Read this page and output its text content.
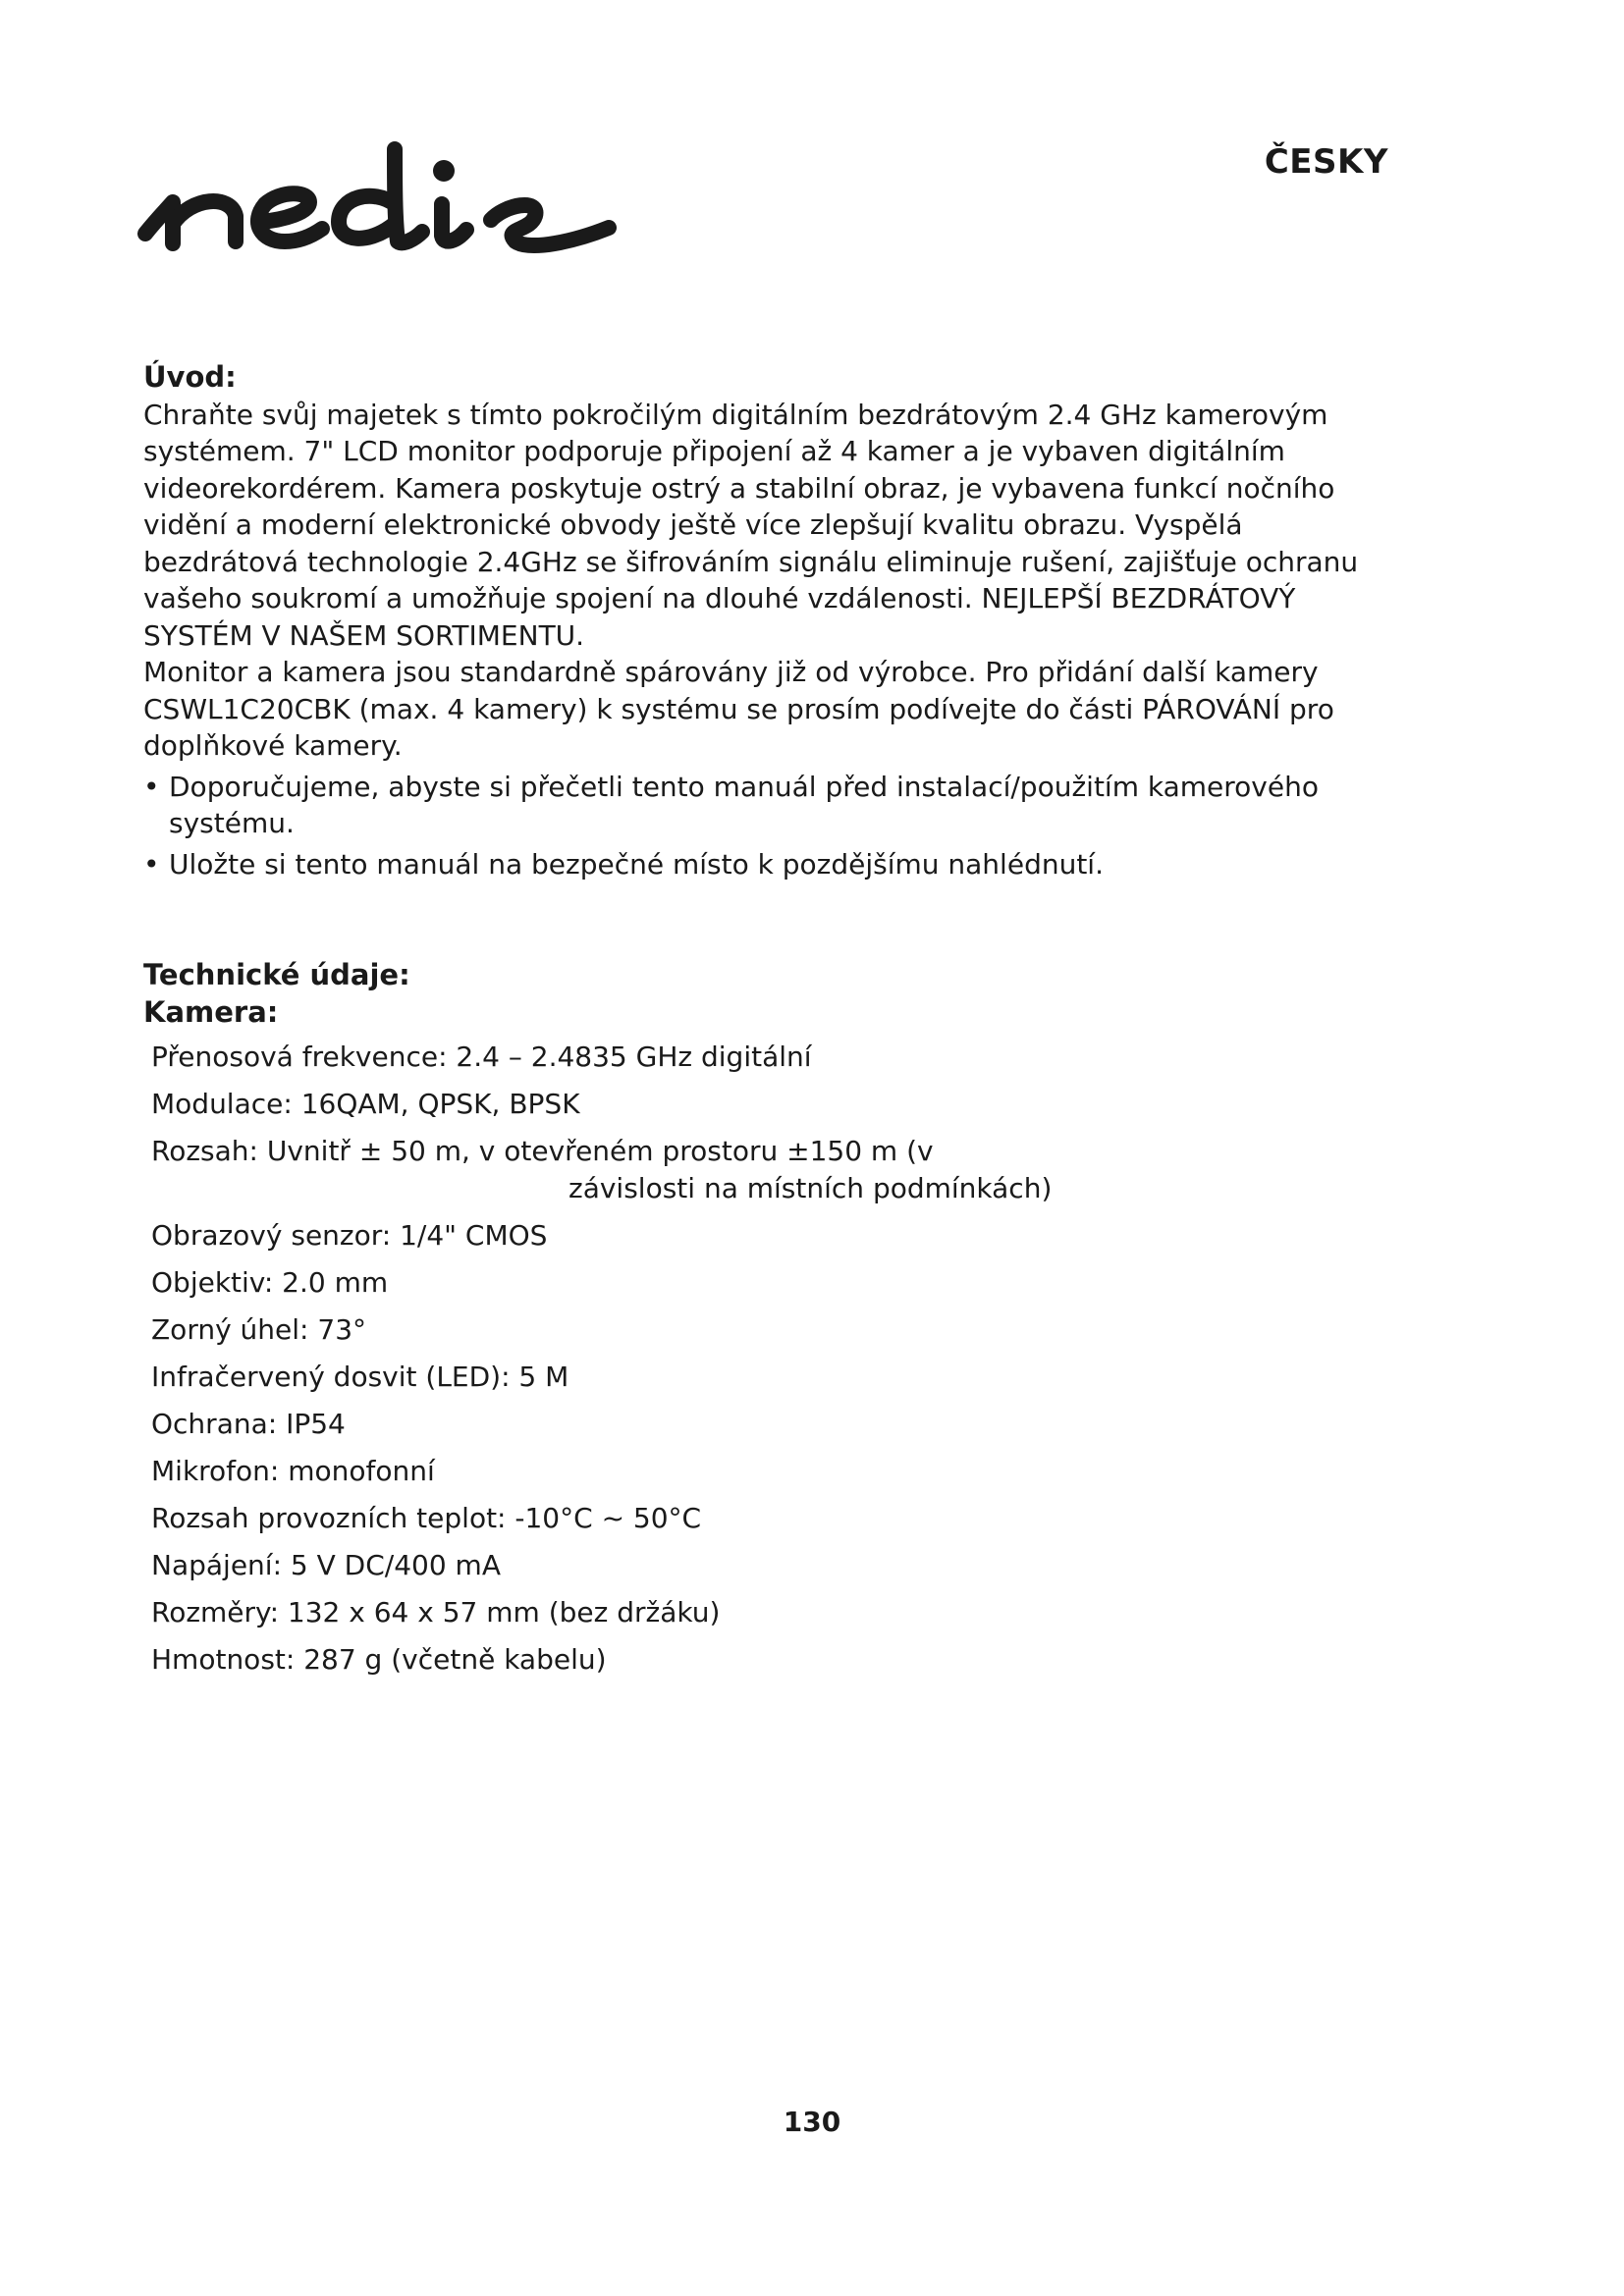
ČESKY
Úvod:

Chraňte svůj majetek s tímto pokročilým digitálním bezdrátovým 2.4 GHz kamerovým systémem. 7" LCD monitor podporuje připojení až 4 kamer a je vybaven digitálním videorekordérem. Kamera poskytuje ostrý a stabilní obraz, je vybavena funkcí nočního vidění a moderní elektronické obvody ještě více zlepšují kvalitu obrazu. Vyspělá bezdrátová technologie 2.4GHz se šifrováním signálu eliminuje rušení, zajišťuje ochranu vašeho soukromí a umožňuje spojení na dlouhé vzdálenosti. NEJLEPŠÍ BEZDRÁTOVÝ SYSTÉM V NAŠEM SORTIMENTU.

Monitor a kamera jsou standardně spárovány již od výrobce. Pro přidání další kamery CSWL1C20CBK (max. 4 kamery) k systému se prosím podívejte do části PÁROVÁNÍ pro doplňkové kamery.

• Doporučujeme, abyste si přečetli tento manuál před instalací/použitím kamerového systému.
• Uložte si tento manuál na bezpečné místo k pozdějšímu nahlédnutí.
Technické údaje:
Kamera:
Přenosová frekvence: 2.4 – 2.4835 GHz digitální
Modulace: 16QAM, QPSK, BPSK
Rozsah: Uvnitř ± 50 m, v otevřeném prostoru ±150 m (v
závislosti na místních podmínkách)
Obrazový senzor: 1/4" CMOS
Objektiv: 2.0 mm
Zorný úhel: 73°
Infračervený dosvit (LED): 5 M
Ochrana: IP54
Mikrofon: monofonní
Rozsah provozních teplot: -10°C ~ 50°C
Napájení: 5 V DC/400 mA
Rozměry: 132 x 64 x 57 mm (bez držáku)
Hmotnost: 287 g (včetně kabelu)
130
